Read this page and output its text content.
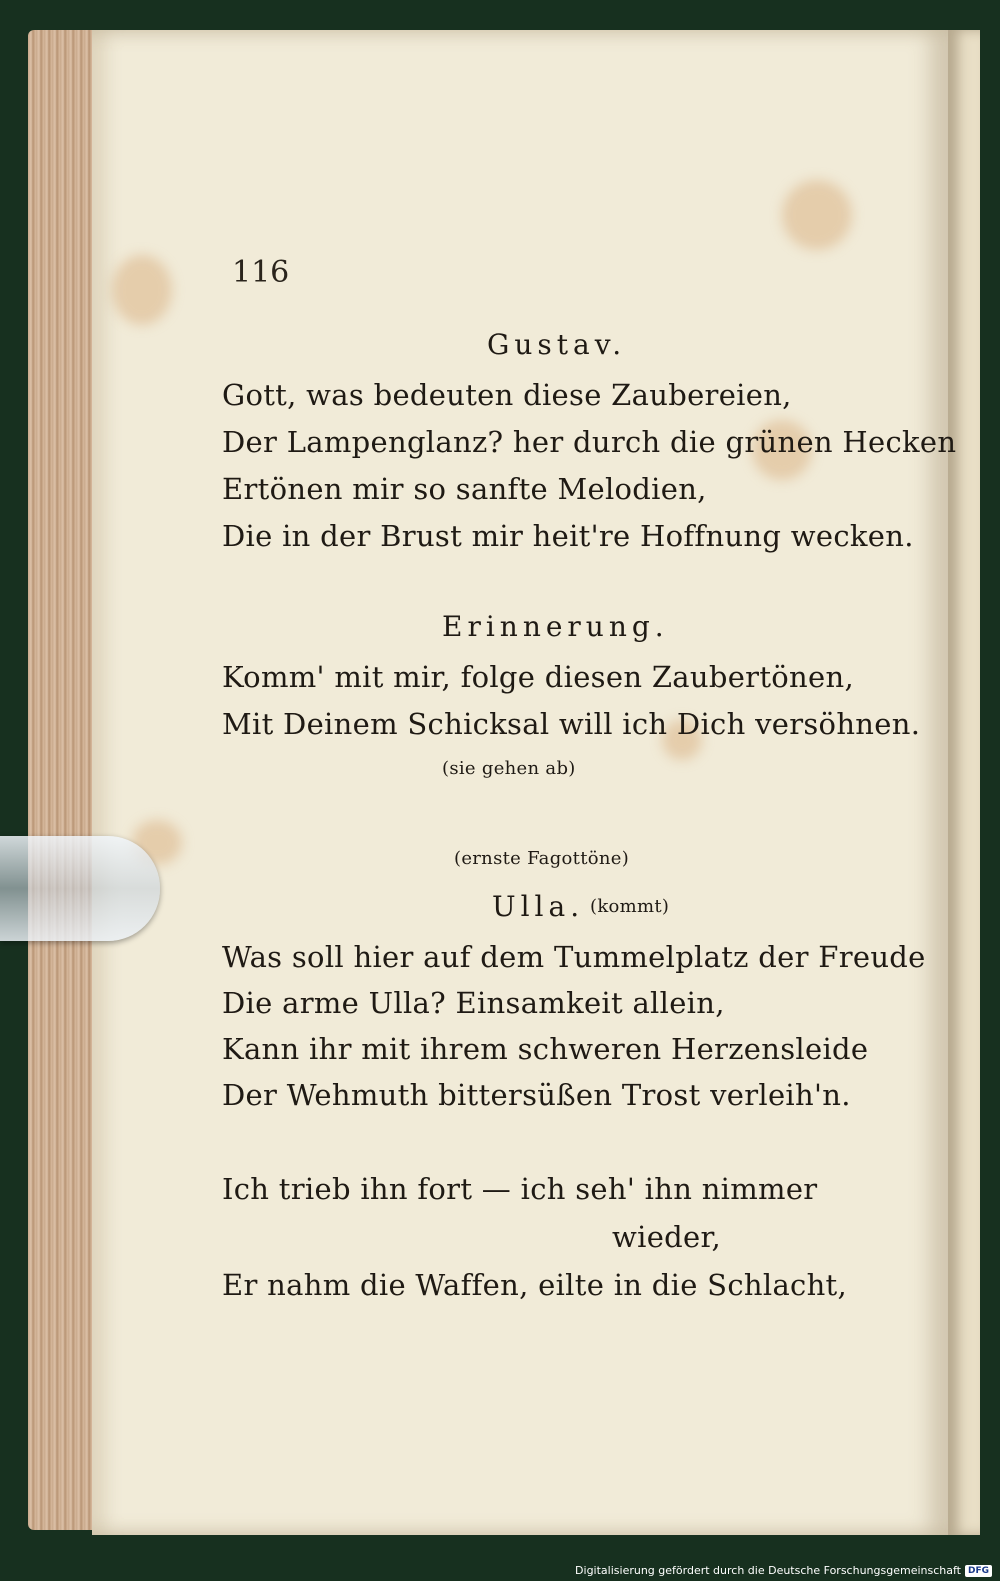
116
Gustav.
Gott, was bedeuten diese Zaubereien,
Der Lampenglanz? her durch die grünen Hecken
Ertönen mir so sanfte Melodien,
Die in der Brust mir heit're Hoffnung wecken.
Erinnerung.
Komm' mit mir, folge diesen Zaubertönen,
Mit Deinem Schicksal will ich Dich versöhnen.
(sie gehen ab)
(ernste Fagottöne)
Ulla. (kommt)
Was soll hier auf dem Tummelplatz der Freude
Die arme Ulla? Einsamkeit allein,
Kann ihr mit ihrem schweren Herzensleide
Der Wehmuth bittersüßen Trost verleih'n.
Ich trieb ihn fort — ich seh' ihn nimmer
wieder,
Er nahm die Waffen, eilte in die Schlacht,
Digitalisierung gefördert durch die Deutsche Forschungsgemeinschaft DFG
